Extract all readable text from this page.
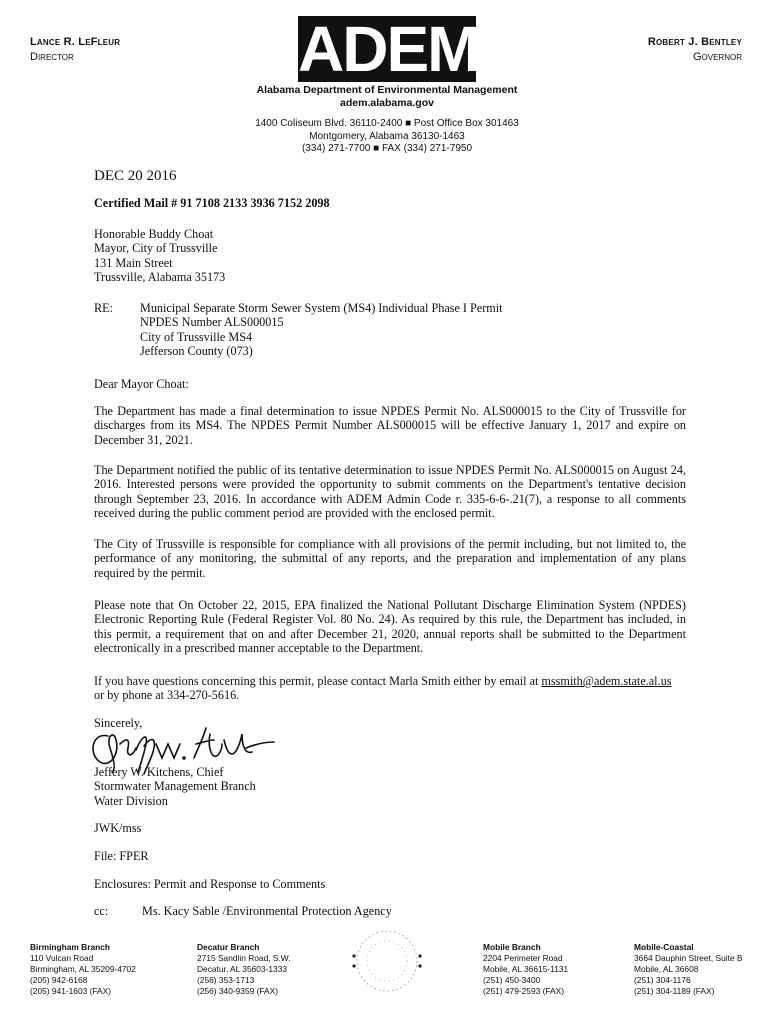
Lance R. LeFleur
Director	ADEM	Robert J. Bentley
Governor
Alabama Department of Environmental Management
adem.alabama.gov
1400 Coliseum Blvd. 36110-2400 ■ Post Office Box 301463
Montgomery, Alabama 36130-1463
(334) 271-7700 ■ FAX (334) 271-7950
DEC 20 2016
Certified Mail # 91 7108 2133 3936 7152 2098
Honorable Buddy Choat
Mayor, City of Trussville
131 Main Street
Trussville, Alabama 35173
RE: Municipal Separate Storm Sewer System (MS4) Individual Phase I Permit
NPDES Number ALS000015
City of Trussville MS4
Jefferson County (073)
Dear Mayor Choat:

The Department has made a final determination to issue NPDES Permit No. ALS000015 to the City of Trussville for discharges from its MS4. The NPDES Permit Number ALS000015 will be effective January 1, 2017 and expire on December 31, 2021.

The Department notified the public of its tentative determination to issue NPDES Permit No. ALS000015 on August 24, 2016. Interested persons were provided the opportunity to submit comments on the Department's tentative decision through September 23, 2016. In accordance with ADEM Admin Code r. 335-6-6-.21(7), a response to all comments received during the public comment period are provided with the enclosed permit.

The City of Trussville is responsible for compliance with all provisions of the permit including, but not limited to, the performance of any monitoring, the submittal of any reports, and the preparation and implementation of any plans required by the permit.

Please note that On October 22, 2015, EPA finalized the National Pollutant Discharge Elimination System (NPDES) Electronic Reporting Rule (Federal Register Vol. 80 No. 24). As required by this rule, the Department has included, in this permit, a requirement that on and after December 21, 2020, annual reports shall be submitted to the Department electronically in a prescribed manner acceptable to the Department.

If you have questions concerning this permit, please contact Marla Smith either by email at mssmith@adem.state.al.us
or by phone at 334-270-5616.
Sincerely,
Jeffery W. Kitchens, Chief
Stormwater Management Branch
Water Division
JWK/mss
File: FPER
Enclosures: Permit and Response to Comments
cc:	Ms. Kacy Sable /Environmental Protection Agency
Birmingham Branch
110 Vulcan Road
Birmingham, AL 35209-4702
(205) 942-6168
(205) 941-1603 (FAX)
Decatur Branch
2715 Sandlin Road, S.W.
Decatur, AL 35603-1333
(256) 353-1713
(256) 340-9359 (FAX)
Mobile Branch
2204 Perimeter Road
Mobile, AL 36615-1131
(251) 450-3400
(251) 479-2593 (FAX)
Mobile-Coastal
3664 Dauphin Street, Suite B
Mobile, AL 36608
(251) 304-1176
(251) 304-1189 (FAX)
